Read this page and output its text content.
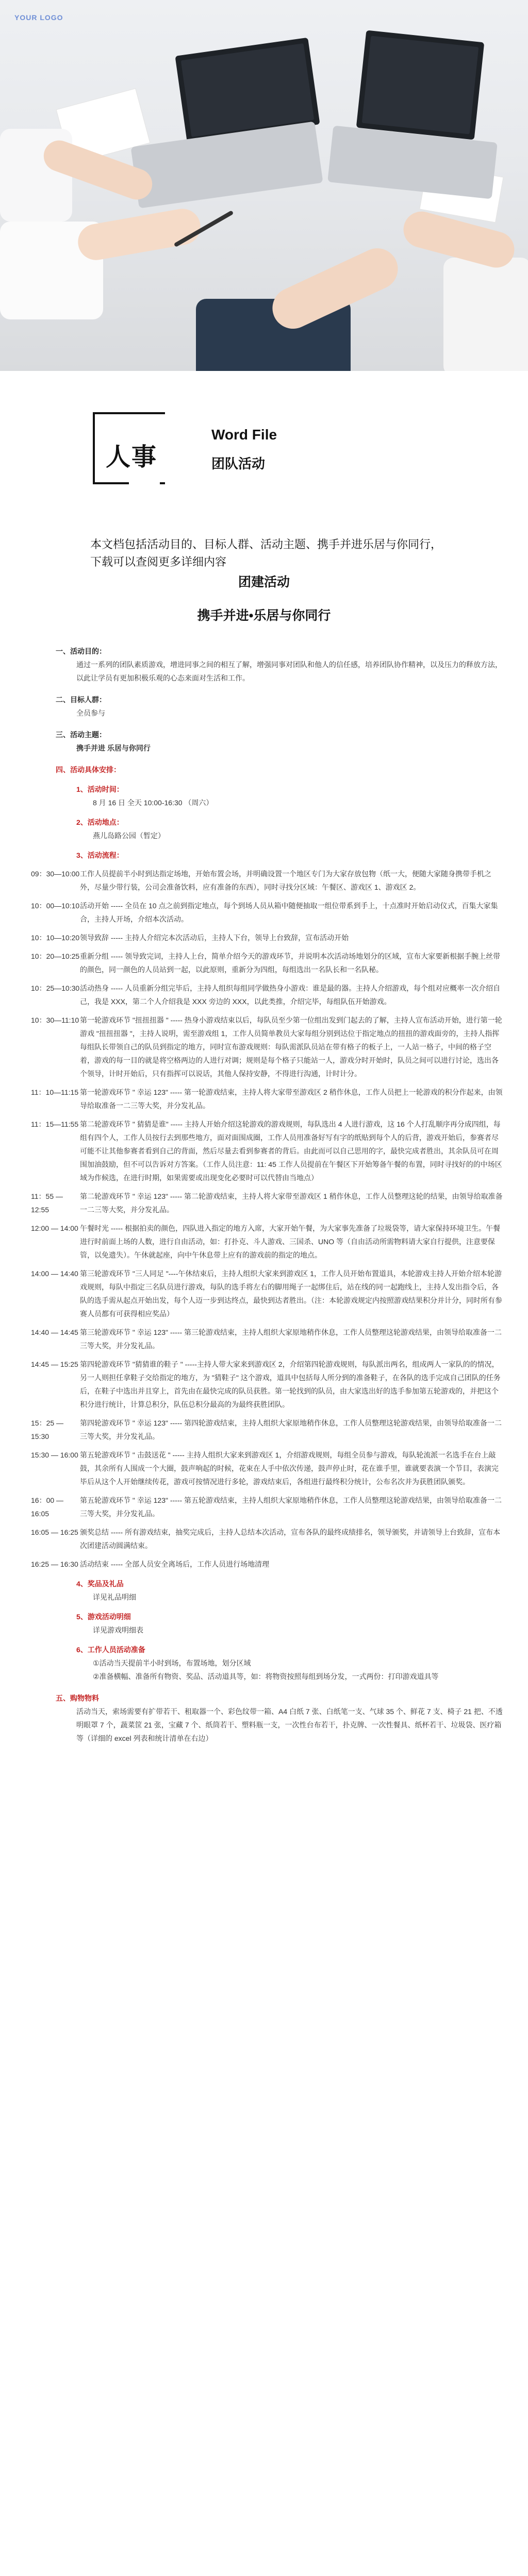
YOUR LOGO
人事
Word File
团队活动
本文档包括活动目的、目标人群、活动主题、携手并进乐居与你同行，下载可以查阅更多详细内容
团建活动
携手并进•乐居与你同行
一、活动目的：
通过一系列的团队素质游戏，增进同事之间的相互了解，增强同事对团队和他人的信任感，培养团队协作精神，以及压力的释放方法，以此让学员有更加积极乐观的心态来面对生活和工作。
二、目标人群：
全员参与
三、活动主题：
携手并进 乐居与你同行
四、活动具体安排：
1、活动时间：
8 月 16 日 全天 10:00-16:30 （周六）
2、活动地点：
燕儿岛路公园（暂定）
3、活动流程：
09：30—10:00 工作人员提前半小时到达指定场地，开始布置会场，并明确设置一个地区专门为大家存放包物（纸一大，便随大家随身携带手机之外，尽量少带行装，公司会准备饮料，应有准备的东西），同时寻找分区域：午餐区、游戏区 1、游戏区 2。
10：00—10:10 活动开始 ----- 全员在 10 点之前到指定地点，每个到场人员从箱中随便抽取一组位带系到手上，十点准时开始启动仪式，百集大家集合，主持人开场，介绍本次活动。
10：10—10:20 领导致辞 ----- 主持人介绍完本次活动后，主持人下台，领导上台致辞，宣布活动开始
10：20—10:25 重新分组 ----- 领导致完词，主持人上台，简单介绍今天的游戏环节，并说明本次活动场地划分的区域，宣布大家要新根据手腕上丝带的颜色，同一颜色的人员站到一起，以此原则，重新分为四组，每组选出一名队长和一名队秘。
10：25—10:30 活动热身 ----- 人员重新分组完毕后，主持人组织每组同学做热身小游戏：谁是最的器。主持人介绍游戏，每个组对应概率一次介绍自己，我是 XXX，第二个人介绍我是 XXX 旁边的 XXX，以此类推，介绍完毕，每组队伍开始游戏。
10：30—11:10 第一轮游戏环节 "扭扭扭器 " ----- 热身小游戏结束以后，每队员至少第一位组出发到门起去的了解，主持人宣布活动开始，进行第一轮游戏 "扭扭扭器 "，主持人说明，需至游戏组 1，工作人员简单教员大家每组分别到达位于指定地点的扭扭的游戏面旁的，主持人指挥每组队长带领自己的队员到指定的地方，同时宣布游戏规则：每队需派队员站在带有格子的板子上，一人站一格子，中间的格子空着，游戏的每一目的就是将空格两边的人进行对调；规则是每个格子只能站一人，游戏分时开始时，队员之间可以进行讨论，选出各个领导，计时开始后，只有指挥可以说话，其他人保持安静，不得进行沟通，计时计分。
11：10—11:15 第一轮游戏环节 " 幸运 123" ----- 第一轮游戏结束，主持人将大家带至游戏区 2 稍作休息，工作人员把上一轮游戏的积分作起来，由领导给取准备一二三等大奖，并分发礼品。
11：15—11:55 第二轮游戏环节 " 猜猜是谁" ----- 主持人开始介绍这轮游戏的游戏规则，每队选出 4 人进行游戏，这 16 个人打乱顺序再分成四组，每组有四个人，工作人员按行去到那些地方，面对面围成圈，工作人员用准备好写有字的纸贴到每个人的后背，游戏开始后，参赛者尽可能不让其他参赛者看到自己的背面，然后尽量去看到参赛者的背后。由此而可以自己思用的字，最快完成者胜出，其余队员可在周围加油鼓励，但不可以告诉对方答案。（工作人员注意：11: 45 工作人员提前在午餐区下开始筹备午餐的布置，同时寻找好的的中场区域为作候选，在进行时期，如果需要或出现变化必要时可以代替由当地点）
11：55 — 12:55
第二轮游戏环节 " 幸运 123" ----- 第二轮游戏结束，主持人将大家带至游戏区 1 稍作休息，工作人员整理这轮的结果，由领导给取准备一二三等大奖，并分发礼品。
12:00 — 14:00 午餐时光 ----- 根据拍卖的颜色，四队进入指定的地方入席，大家开始午餐，为大家事先准备了垃圾袋等，请大家保持环境卫生。午餐进行时前面上场的人数，进行自由活动，如：打扑克、斗人游戏、三国杀、UNO 等（自由活动所需物料请大家自行提供，注意要保管，以免遗失）。午休就起座，向中午休息带上应有的游戏前的指定的地点。
14:00 — 14:40 第三轮游戏环节 "三人同足 "----午休结束后，主持人组织大家来到游戏区 1，工作人员开始布置道具，本轮游戏主持人开始介绍本轮游戏规则，每队中指定三名队员进行游戏，每队的选手将左右的脚用绳子一起绑住后，站在线的同一起跑线上，主持人发出指令后，各队的选手需从起点开始出发，每个人迈一步到达终点，最快到达者胜出。（注：本轮游戏规定内按照游戏结果积分并计分，同时所有参赛人员都有可获得相应奖品）
14:40 — 14:45 第三轮游戏环节 " 幸运 123" ----- 第三轮游戏结束，主持人组织大家原地稍作休息，工作人员整理这轮游戏结果，由领导给取准备一二三等大奖，并分发礼品。
14:45 — 15:25 第四轮游戏环节 "猜猜谁的鞋子 " -----主持人带大家来到游戏区 2，介绍第四轮游戏规则，每队派出两名，组成两人一家队的的情况，另一人则担任拿鞋子交给指定的地方，为 "猜鞋子" 这个游戏，道具中包括每人所分到的准备鞋子，在各队的选手完成自己团队的任务后，在鞋子中选出并且穿上，首先由在最快完成的队员获胜。第一轮找到的队员，由大家选出好的选手参加第五轮游戏的，并把这个积分进行统计，计算总积分，队伍总积分最高的为最终获胜团队。
15：25 — 15:30
第四轮游戏环节 " 幸运 123" ----- 第四轮游戏结束，主持人组织大家原地稍作休息，工作人员整理这轮游戏结果，由领导给取准备一二三等大奖，并分发礼品。
15:30 — 16:00 第五轮游戏环节 " 击鼓送花 " ----- 主持人组织大家来到游戏区 1，介绍游戏规则，每组全员参与游戏，每队轮流派一名选手在台上敲鼓，其余所有人围成一个大圈，鼓声响起的时候，花束在人手中依次传递，鼓声停止时，花在谁手里，谁就要表演一个节目，表演完毕后从这个人开始继续传花，游戏可按情况进行多轮，游戏结束后，各组进行最终积分统计，公布名次并为获胜团队颁奖。
16：00 — 16:05
第五轮游戏环节 " 幸运 123" ----- 第五轮游戏结束，主持人组织大家原地稍作休息，工作人员整理这轮游戏结果，由领导给取准备一二三等大奖，并分发礼品。
16:05 — 16:25 颁奖总结 ----- 所有游戏结束，抽奖完成后，主持人总结本次活动，宣布各队的最终成绩排名，领导颁奖，并请领导上台致辞，宣布本次团建活动圆满结束。
16:25 — 16:30 活动结束 ----- 全部人员安全离场后，工作人员进行场地清理
4、奖品及礼品
详见礼品明细
5、游戏活动明细
详见游戏明细表
6、工作人员活动准备
①活动当天提前半小时到场，布置场地，划分区域
②准备横幅、准备所有物资、奖品、活动道具等，如：将物资按照每组到场分发，一式两份：打印游戏道具等
五、购物物料
活动当天，索场需要有扩带若干、租取器一个、彩色纹带一箱、A4 白纸 7 张、白纸笔一支、气球 35 个、鲜花 7 支、椅子 21 把、不透明眼罩 7 个，蔬菜筐 21 张，宝藏 7 个、纸筒若干、塑料瓶一支，一次性台布若干，扑克牌、一次性餐具、纸杯若干、垃圾袋、医疗箱等（详细的 excel 列表和统计清单在右边）
